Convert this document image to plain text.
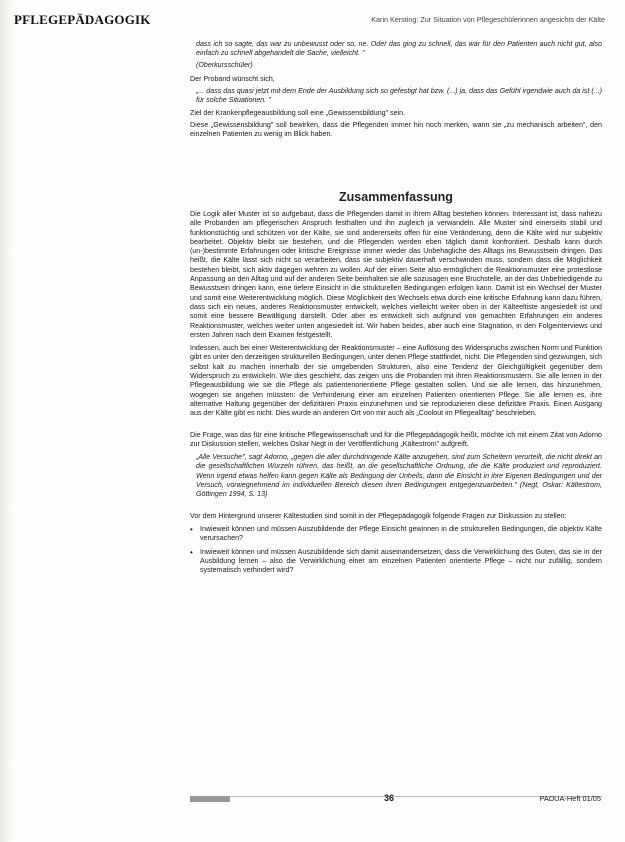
PFLEGEPÄDAGOGIK	Karin Kersting: Zur Situation von Pflegeschülerinnen angesichts der Kälte

dass ich so sagte, das war zu unbewusst oder so, ne. Oder das ging zu schnell, das war für den Patienten auch nicht gut, also einfach zu schnell abgehandelt die Sache, vielleicht. "

(Oberkursschüler)

Der Proband wünscht sich,

„... dass das quasi jetzt mit dem Ende der Ausbildung sich so gefestigt hat bzw. (...) ja, dass das Gefühl irgendwie auch da ist (...) für solche Situationen. "

Ziel der Krankenpflegeausbildung soll eine „Gewissensbildung" sein.

Diese „Gewissensbildung" soll bewirken, dass die Pflegenden immer hin noch merken, wann sie „zu mechanisch arbeiten", den einzelnen Patienten zu wenig im Blick haben.

Zusammenfassung

Die Logik aller Muster ist so aufgebaut, dass die Pflegenden damit in ihrem Alltag bestehen können. Interessant ist, dass nahezu alle Probanden am pflegerischen Anspruch festhalten und ihn zugleich ja verwandeln. Alle Muster sind einerseits stabil und funktionstüchtig und schützen vor der Kälte, sie sind andererseits offen für eine Veränderung, denn die Kälte wird nur subjektiv bearbeitet. Objektiv bleibt sie bestehen, und die Pflegenden werden eben täglich damit konfrontiert. Deshalb kann durch (un-)bestimmte Erfahrungen oder kritische Ereignisse immer wieder das Unbehagliche des Alltags ins Bewusstsein dringen. Das heißt, die Kälte lässt sich nicht so verarbeiten, dass sie subjektiv dauerhaft verschwinden muss, sondern dass die Möglichkeit bestehen bleibt, sich aktiv dagegen wehren zu wollen. Auf der einen Seite also ermöglichen die Reaktionsmuster eine protestlose Anpassung an den Alltag und auf der anderen Seite beinhalten sie alle sozusagen eine Bruchstelle, an der das Unbefriedigende zu Bewusstsein dringen kann, eine tiefere Einsicht in die strukturellen Bedingungen erfolgen kann. Damit ist ein Wechsel der Muster und somit eine Weiterentwicklung möglich. Diese Möglichkeit des Wechsels etwa durch eine kritische Erfahrung kann dazu führen, dass sich ein neues, anderes Reaktionsmuster entwickelt, welches vielleicht weiter oben in der Kälteeltiste angesiedelt ist und somit eine bessere Bewältigung darstellt. Oder aber es entwickelt sich aufgrund von gemachten Erfahrungen ein anderes Reaktionsmuster, welches weiter unten angesiedelt ist. Wir haben beides, aber auch eine Stagnation, in den Folgeinterviews und ersten Jahren nach dem Examen festgestellt.

Indessen, auch bei einer Weiterentwicklung der Reaktionsmuster – eine Auflösung des Widerspruchs zwischen Norm und Funktion gibt es unter den derzeitigen strukturellen Bedingungen, unter denen Pflege stattfindet, nicht. Die Pflegenden sind gezwungen, sich selbst kalt zu machen innerhalb der sie umgebenden Strukturen, also eine Tendenz der Gleichgültigkeit gegenüber dem Widerspruch zu entwickeln. Wie dies geschieht, das zeigen uns die Probanden mit ihren Reaktionsmustern. Sie alle lernen in der Pflegeausbildung wie sie die Pflege als patientenorientierte Pflege gestalten sollen. Und sie alle lernen, das hinzunehmen, wogegen sie angehen müssten: die Verhinderung einer am einzelnen Patienten orientierten Pflege. Sie alle lernen es, ihre alternative Haltung gegenüber der defizitären Praxis einzunehmen und sie reproduzieren diese defizitäre Praxis. Einen Ausgang aus der Kälte gibt es nicht. Dies wurde an anderen Ort von mir auch als „Coolout im Pflegealltag" beschrieben.

Die Frage, was das für eine kritische Pflegewissenschaft und für die Pflegepädagogik heißt, möchte ich mit einem Zitat von Adorno zur Diskussion stellen, welches Oskar Negt in der Veröffentlichung „Kältestrom" aufgreift.

„Alle Versuche", sagt Adorno, „gegen die aller durchdringende Kälte anzugehen, sind zum Scheitern verurteilt, die nicht direkt an die gesellschaftlichen Wurzeln rühren, das heißt, an die gesellschaftliche Ordnung, die die Kälte produziert und reproduziert. Wenn irgend etwas helfen kann gegen Kälte als Bedingung der Unheils, dann die Einsicht in ihre Eigenen Bedingungen und der Versuch, vorwegnehmend im individuellen Bereich diesen ihren Bedingungen entgegenzuarbeiten." (Negt, Oskar: Kältestrom, Göttingen 1994, S. 13)

Vor dem Hintergrund unserer Kältestudien sind somit in der Pflegepädagogik folgende Fragen zur Diskussion zu stellen:

• Inwieweit können und müssen Auszubildende der Pflege Einsicht gewinnen in die strukturellen Bedingungen, die objektiv Kälte verursachen?
• Inwieweit können und müssen Auszubildende sich damit auseinandersetzen, dass die Verwirklichung des Guten, das sie in der Ausbildung lernen – also die Verwirklichung einer am einzelnen Patienten orientierte Pflege – nicht nur zufällig, sondern systematisch verhindert wird?
36	PADUA-Heft 01/05
